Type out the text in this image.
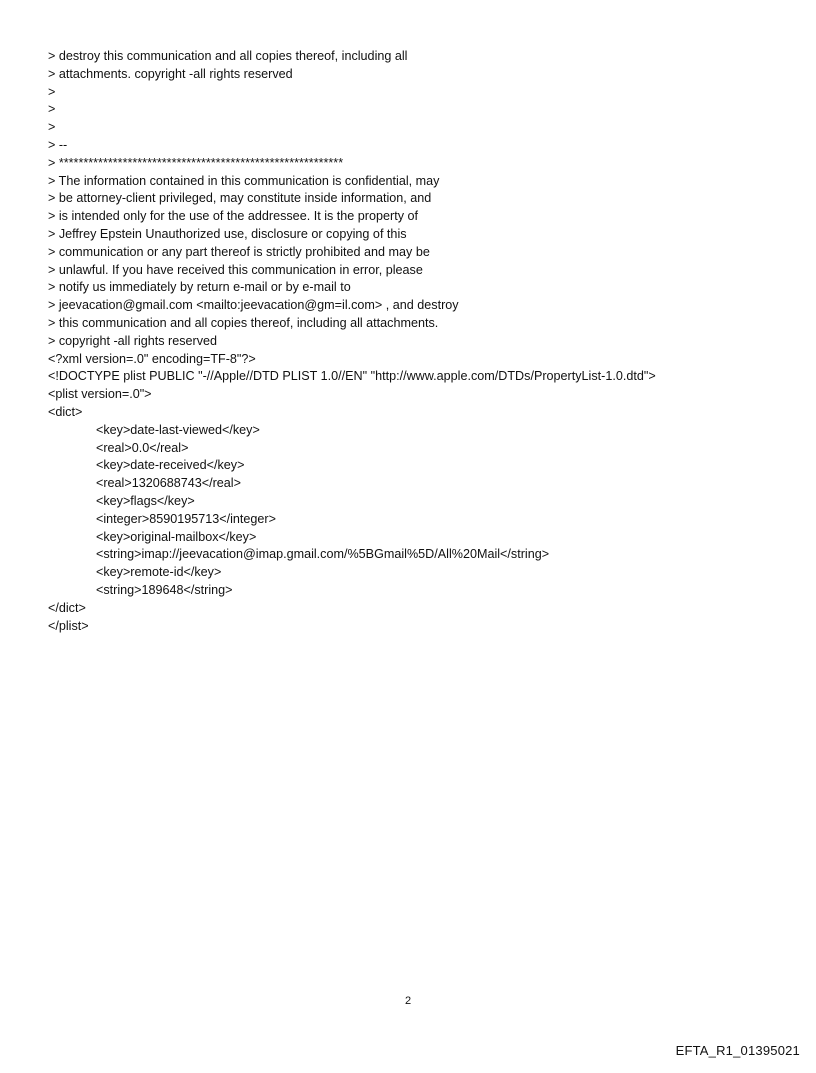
> destroy this communication and all copies thereof, including all
> attachments. copyright -all rights reserved
>
>
>
> --
> **********************************************************
> The information contained in this communication is confidential, may
> be attorney-client privileged, may constitute inside information, and
> is intended only for the use of the addressee. It is the property of
> Jeffrey Epstein Unauthorized use, disclosure or copying of this
> communication or any part thereof is strictly prohibited and may be
> unlawful. If you have received this communication in error, please
> notify us immediately by return e-mail or by e-mail to
> jeevacation@gmail.com <mailto:jeevacation@gm=il.com> , and destroy
> this communication and all copies thereof, including all attachments.
> copyright -all rights reserved
<?xml version=.0" encoding=TF-8"?>
<!DOCTYPE plist PUBLIC "-//Apple//DTD PLIST 1.0//EN" "http://www.apple.com/DTDs/PropertyList-1.0.dtd">
<plist version=.0">
<dict>
<key>date-last-viewed</key>
<real>0.0</real>
<key>date-received</key>
<real>1320688743</real>
<key>flags</key>
<integer>8590195713</integer>
<key>original-mailbox</key>
<string>imap://jeevacation@imap.gmail.com/%5BGmail%5D/All%20Mail</string>
<key>remote-id</key>
<string>189648</string>
</dict>
</plist>
2
EFTA_R1_01395021
